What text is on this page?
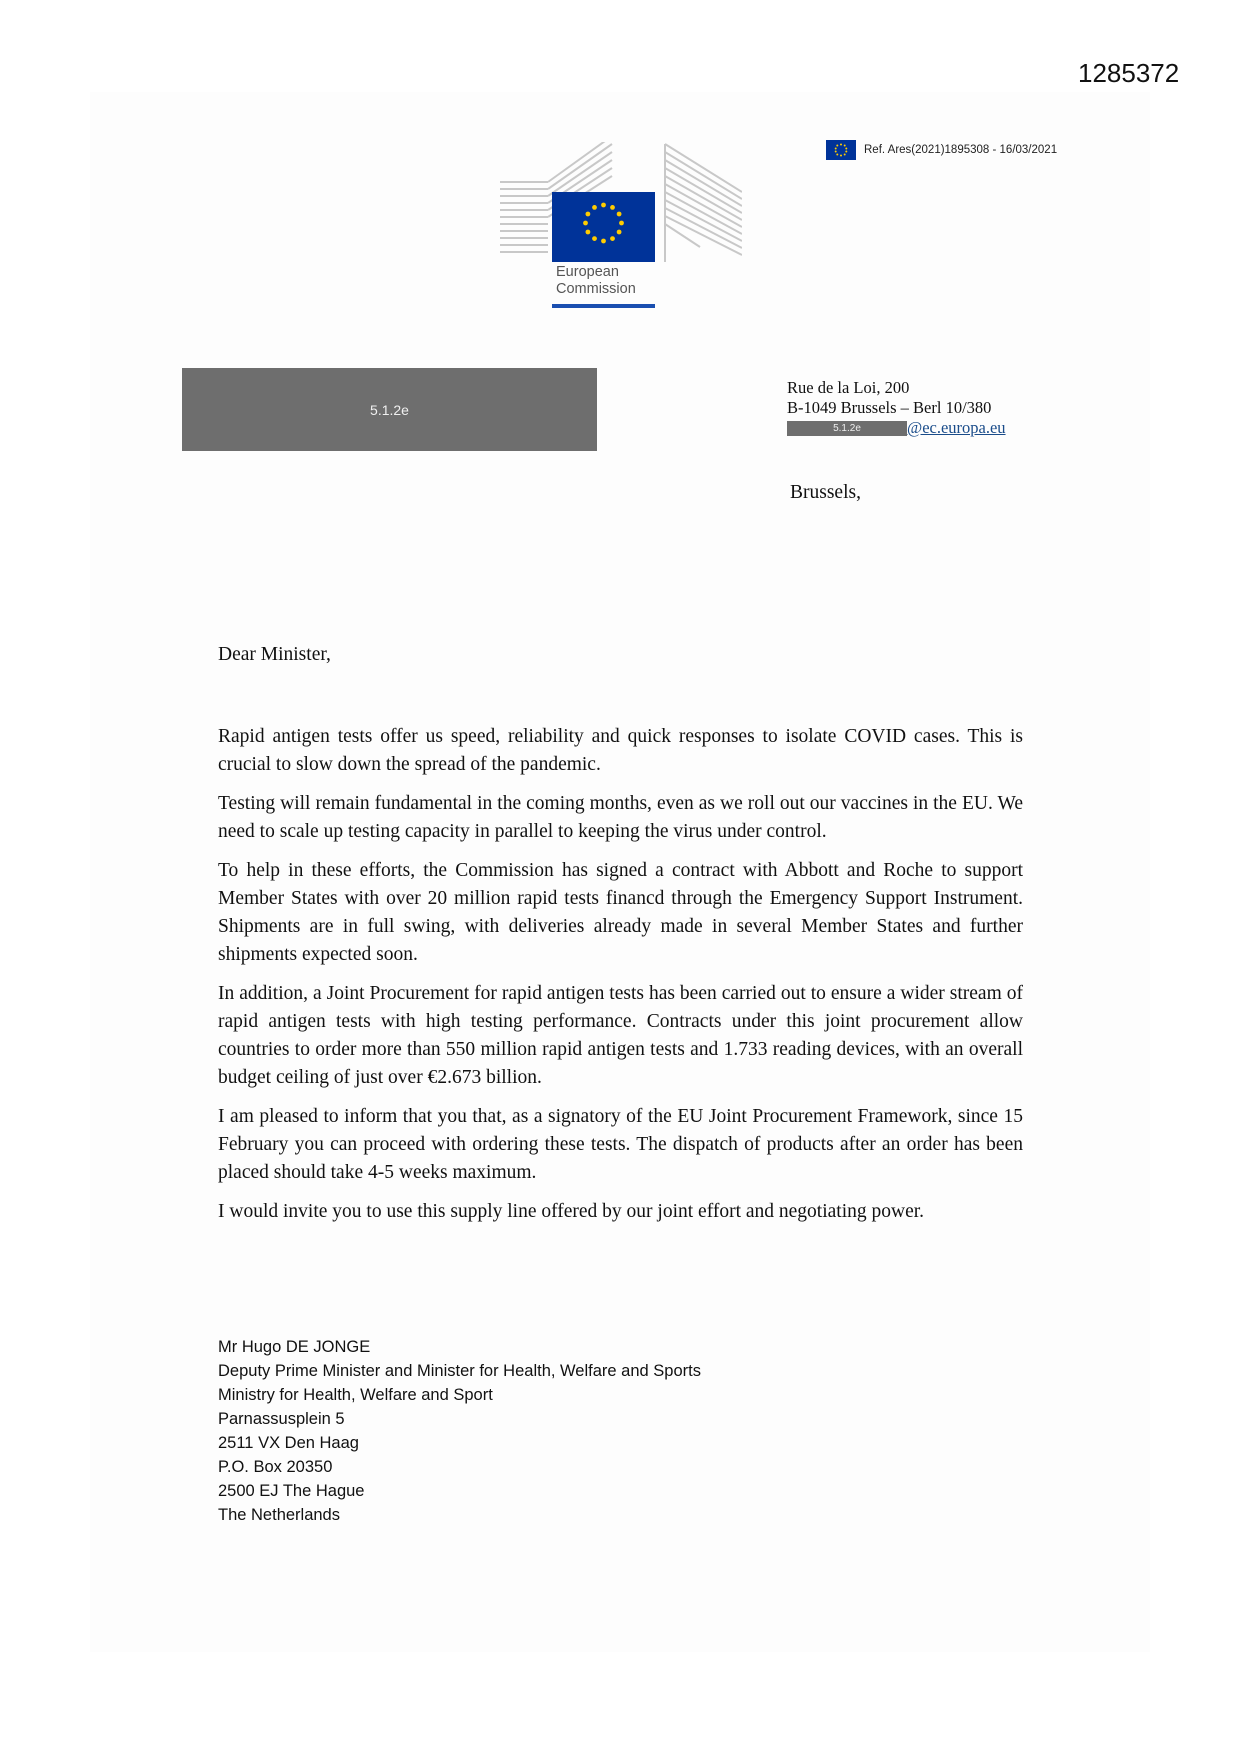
1285372
Ref. Ares(2021)1895308 - 16/03/2021
European
Commission
5.1.2e
Rue de la Loi, 200
B-1049 Brussels – Berl 10/380
5.1.2e	@ec.europa.eu
Brussels,
Dear Minister,

Rapid antigen tests offer us speed, reliability and quick responses to isolate COVID cases. This is crucial to slow down the spread of the pandemic.

Testing will remain fundamental in the coming months, even as we roll out our vaccines in the EU. We need to scale up testing capacity in parallel to keeping the virus under control.

To help in these efforts, the Commission has signed a contract with Abbott and Roche to support Member States with over 20 million rapid tests financd through the Emergency Support Instrument. Shipments are in full swing, with deliveries already made in several Member States and further shipments expected soon.

In addition, a Joint Procurement for rapid antigen tests has been carried out to ensure a wider stream of rapid antigen tests with high testing performance. Contracts under this joint procurement allow countries to order more than 550 million rapid antigen tests and 1.733 reading devices, with an overall budget ceiling of just over €2.673 billion.

I am pleased to inform that you that, as a signatory of the EU Joint Procurement Framework, since 15 February you can proceed with ordering these tests. The dispatch of products after an order has been placed should take 4-5 weeks maximum.

I would invite you to use this supply line offered by our joint effort and negotiating power.

Mr Hugo DE JONGE
Deputy Prime Minister and Minister for Health, Welfare and Sports
Ministry for Health, Welfare and Sport
Parnassusplein 5
2511 VX Den Haag
P.O. Box 20350
2500 EJ The Hague
The Netherlands
